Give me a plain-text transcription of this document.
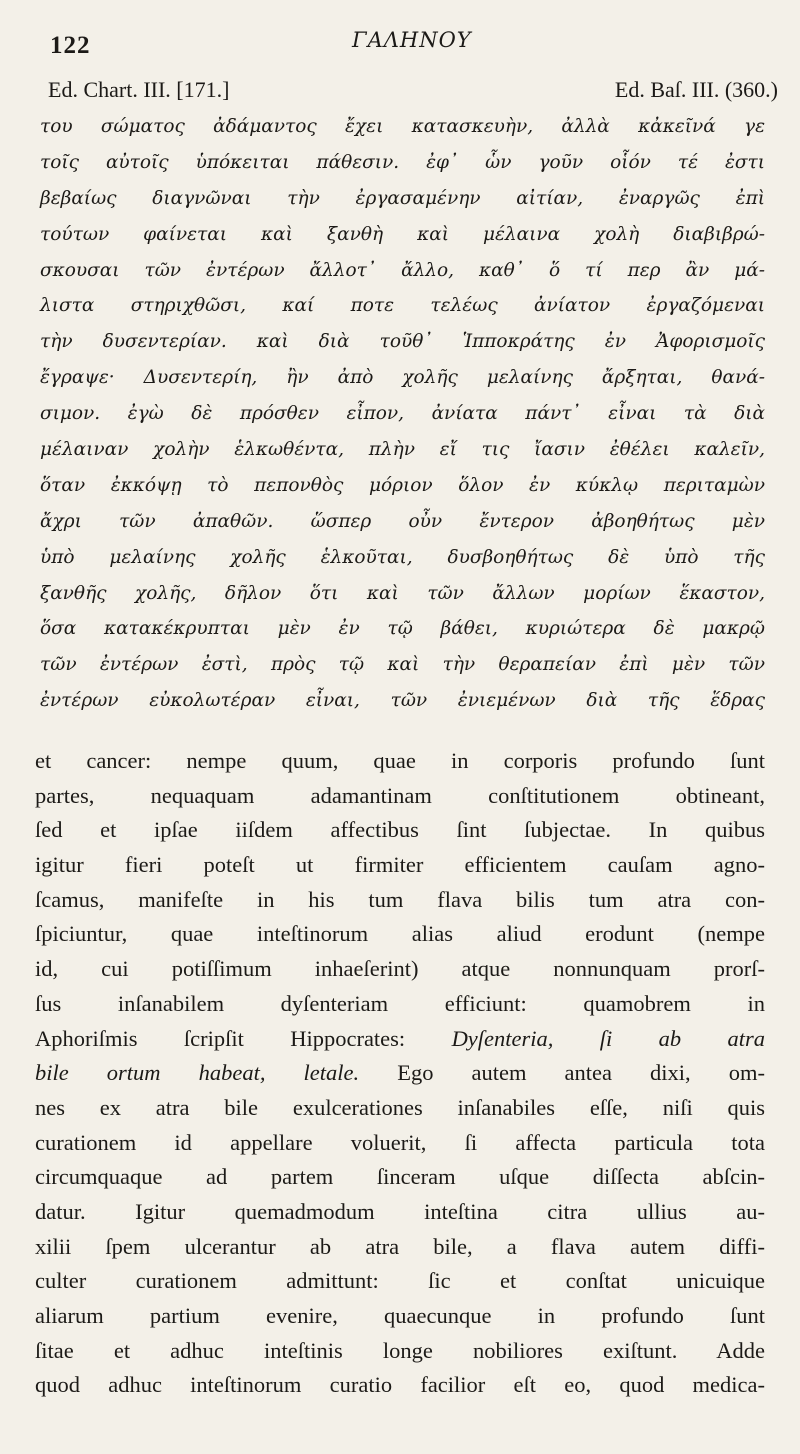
122	ΓΑΛΗΝΟΥ
Ed. Chart. III. [171.]	Ed. Baſ. III. (360.)
του σώματος ἀδάμαντος ἔχει κατασκευὴν, ἀλλὰ κἀκεῖνά γε
τοῖς αὐτοῖς ὑπόκειται πάθεσιν. ἐφ᾽ ὧν γοῦν οἷόν τέ ἐστι
βεβαίως διαγνῶναι τὴν ἐργασαμένην αἰτίαν, ἐναργῶς ἐπὶ
τούτων φαίνεται καὶ ξανθὴ καὶ μέλαινα χολὴ διαβιβρώ-
σκουσαι τῶν ἐντέρων ἄλλοτ᾽ ἄλλο, καθ᾽ ὅ τί περ ἂν μά-
λιστα στηριχθῶσι, καί ποτε τελέως ἀνίατον ἐργαζόμεναι
τὴν δυσεντερίαν. καὶ διὰ τοῦθ᾽ Ἱπποκράτης ἐν Ἀφορισμοῖς
ἔγραψε· Δυσεντερίη, ἢν ἀπὸ χολῆς μελαίνης ἄρξηται, θανά-
σιμον. ἐγὼ δὲ πρόσθεν εἶπον, ἀνίατα πάντ᾽ εἶναι τὰ διὰ
μέλαιναν χολὴν ἑλκωθέντα, πλὴν εἴ τις ἴασιν ἐθέλει καλεῖν,
ὅταν ἐκκόψῃ τὸ πεπονθὸς μόριον ὅλον ἐν κύκλῳ περιταμὼν
ἄχρι τῶν ἀπαθῶν. ὥσπερ οὖν ἔντερον ἀβοηθήτως μὲν
ὑπὸ μελαίνης χολῆς ἑλκοῦται, δυσβοηθήτως δὲ ὑπὸ τῆς
ξανθῆς χολῆς, δῆλον ὅτι καὶ τῶν ἄλλων μορίων ἕκαστον,
ὅσα κατακέκρυπται μὲν ἐν τῷ βάθει, κυριώτερα δὲ μακρῷ
τῶν ἐντέρων ἐστὶ, πρὸς τῷ καὶ τὴν θεραπείαν ἐπὶ μὲν τῶν
ἐντέρων εὐκολωτέραν εἶναι, τῶν ἐνιεμένων διὰ τῆς ἕδρας
et cancer: nempe quum, quae in corporis profundo ſunt
partes, nequaquam adamantinam conſtitutionem obtineant,
ſed et ipſae iiſdem affectibus ſint ſubjectae. In quibus
igitur fieri poteſt ut firmiter efficientem cauſam agno-
ſcamus, manifeſte in his tum flava bilis tum atra con-
ſpiciuntur, quae inteſtinorum alias aliud erodunt (nempe
id, cui potiſſimum inhaeſerint) atque nonnunquam prorſ-
ſus inſanabilem dyſenteriam efficiunt: quamobrem in
Aphoriſmis ſcripſit Hippocrates: Dyſenteria, ſi ab atra
bile ortum habeat, letale. Ego autem antea dixi, om-
nes ex atra bile exulcerationes inſanabiles eſſe, niſi quis
curationem id appellare voluerit, ſi affecta particula tota
circumquaque ad partem ſinceram uſque diſſecta abſcin-
datur. Igitur quemadmodum inteſtina citra ullius au-
xilii ſpem ulcerantur ab atra bile, a flava autem diffi-
culter curationem admittunt: ſic et conſtat unicuique
aliarum partium evenire, quaecunque in profundo ſunt
ſitae et adhuc inteſtinis longe nobiliores exiſtunt. Adde
quod adhuc inteſtinorum curatio facilior eſt eo, quod medica-
